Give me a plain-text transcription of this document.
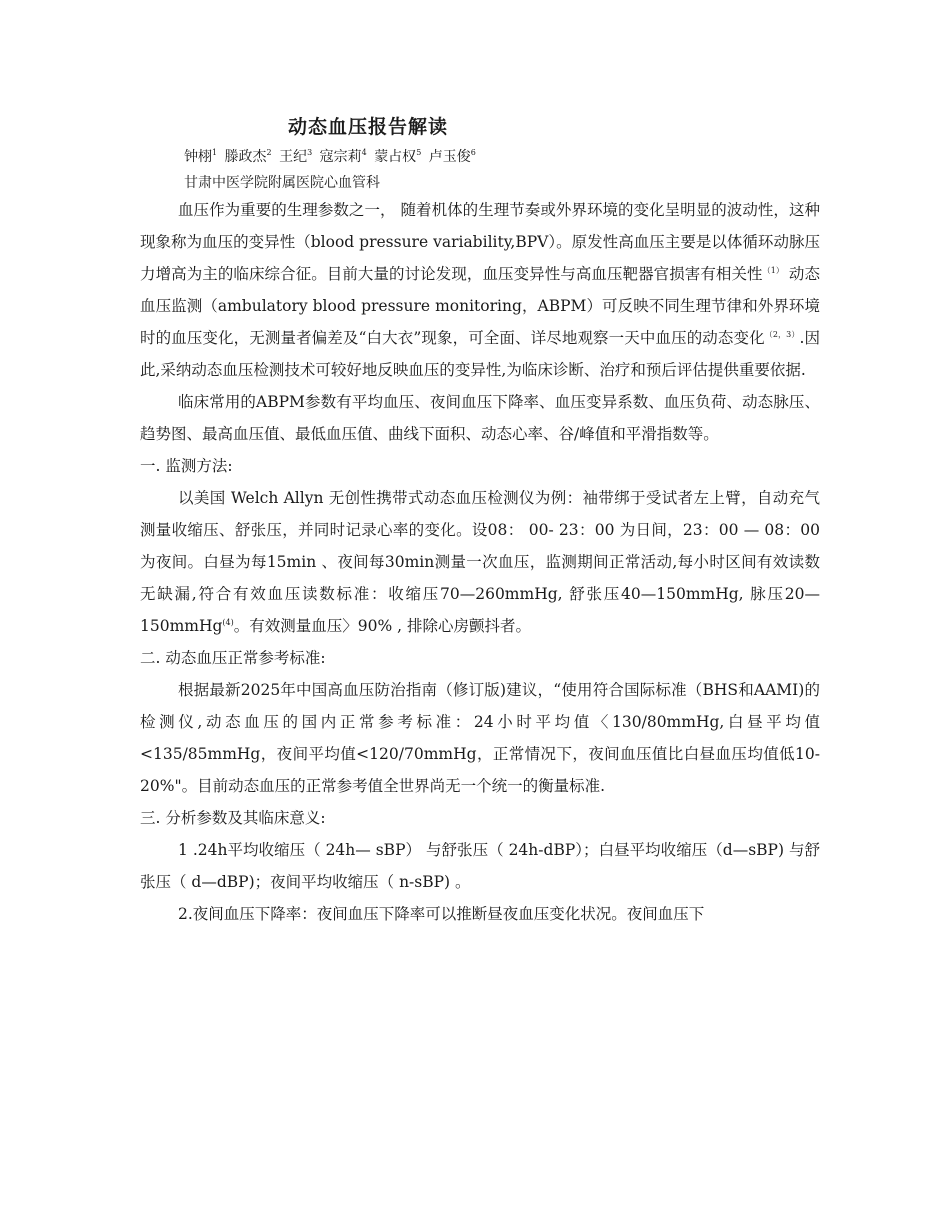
动态血压报告解读
钟栩$^1$ 滕政杰$^2$ 王纪$^3$ 寇宗莉$^4$ 蒙占权$^5$ 卢玉俊$^6$
甘肃中医学院附属医院心血管科

血压作为重要的生理参数之一， 随着机体的生理节奏或外界环境的变化呈明显的波动性，这种现象称为血压的变异性（blood pressure variability,BPV）。原发性高血压主要是以体循环动脉压力增高为主的临床综合征。目前大量的讨论发现，血压变异性与高血压靶器官损害有相关性$^{(1)}$ 动态血压监测（ambulatory blood pressure monitoring，ABPM）可反映不同生理节律和外界环境时的血压变化，无测量者偏差及“白大衣”现象，可全面、详尽地观察一天中血压的动态变化$^{(2,3)}$.因此,采纳动态血压检测技术可较好地反映血压的变异性,为临床诊断、治疗和预后评估提供重要依据.

临床常用的ABPM参数有平均血压、夜间血压下降率、血压变异系数、血压负荷、动态脉压、趋势图、最高血压值、最低血压值、曲线下面积、动态心率、谷/峰值和平滑指数等。

一. 监测方法:

以美国 Welch Allyn 无创性携带式动态血压检测仪为例：袖带绑于受试者左上臂，自动充气测量收缩压、舒张压，并同时记录心率的变化。设08： 00- 23：00 为日间，23：00 — 08：00 为夜间。白昼为每15min 、夜间每30min测量一次血压，监测期间正常活动,每小时区间有效读数无缺漏,符合有效血压读数标准：收缩压70—260mmHg, 舒张压40—150mmHg, 脉压20—150mmHg$^{(4)}$。有效测量血压〉90% , 排除心房颤抖者。

二. 动态血压正常参考标准:

根据最新2025年中国高血压防治指南（修订版)建议，“使用符合国际标准（BHS和AAMI)的检测仪,动态血压的国内正常参考标准：24小时平均值〈130/80mmHg,白昼平均值<135/85mmHg，夜间平均值<120/70mmHg，正常情况下，夜间血压值比白昼血压均值低10-20%"。目前动态血压的正常参考值全世界尚无一个统一的衡量标准.

三. 分析参数及其临床意义:

1 .24h平均收缩压（ 24h— sBP） 与舒张压（ 24h-dBP）；白昼平均收缩压（d—sBP) 与舒张压（ d—dBP)；夜间平均收缩压（ n-sBP) 。

2.夜间血压下降率：夜间血压下降率可以推断昼夜血压变化状况。夜间血压下
